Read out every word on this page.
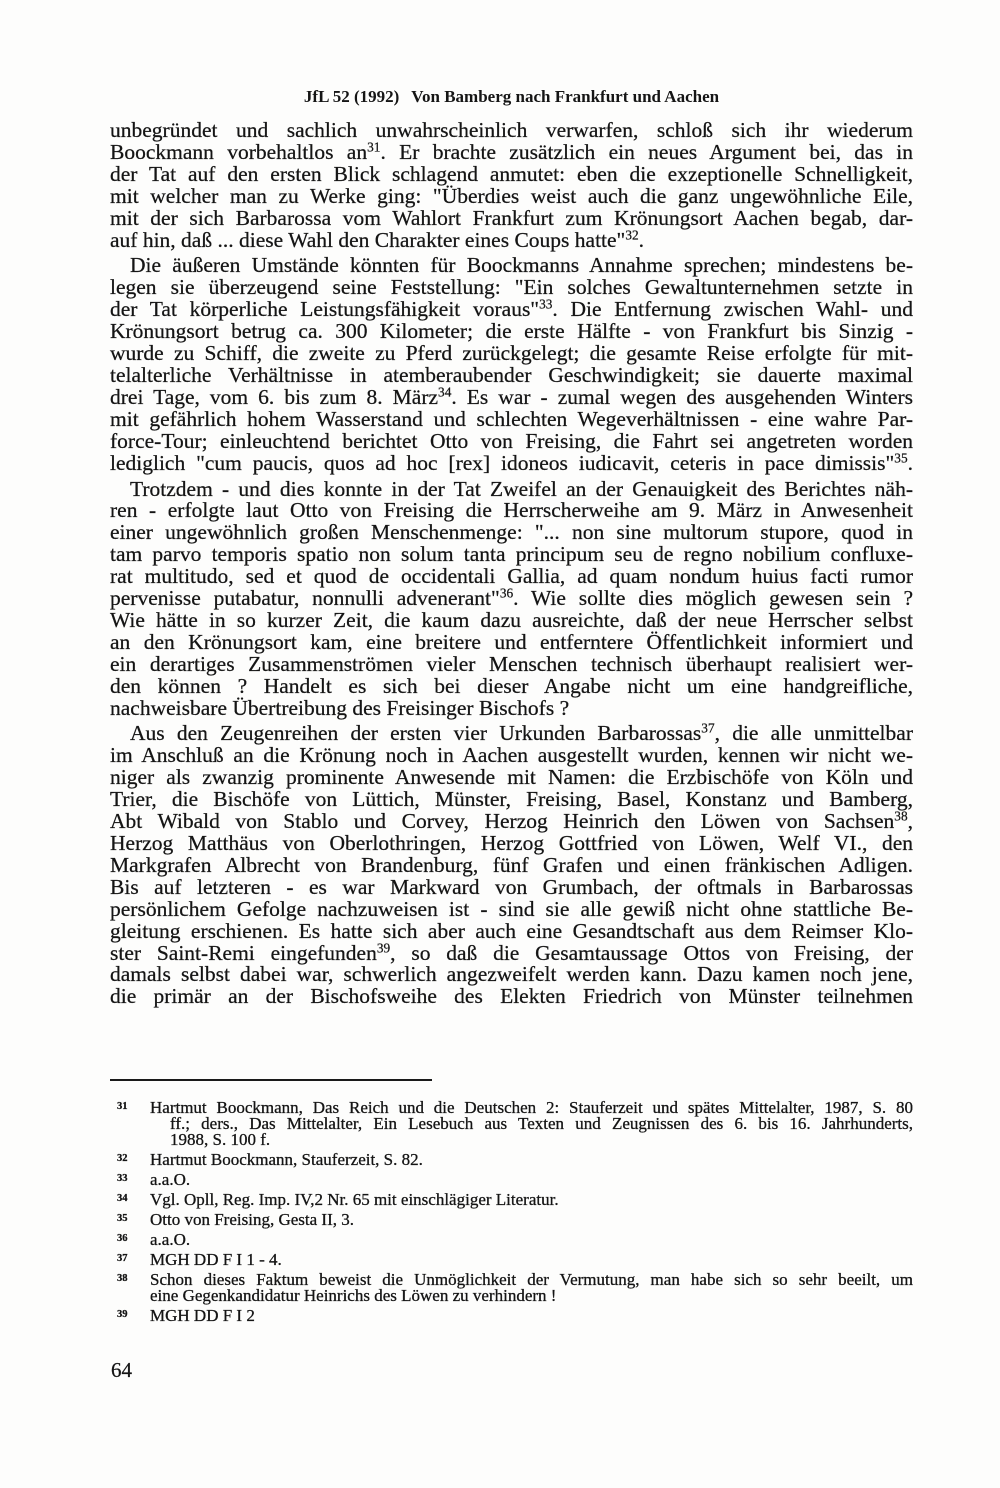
JfL 52 (1992) Von Bamberg nach Frankfurt und Aachen
unbegründet und sachlich unwahrscheinlich verwarfen, schloß sich ihr wiederum
Boockmann vorbehaltlos $an^{31}$. Er brachte zusätzlich ein neues Argument bei, das in
der Tat auf den ersten Blick schlagend anmutet: eben die exzeptionelle Schnelligkeit,
mit welcher man zu Werke ging: "Überdies weist auch die ganz ungewöhnliche Eile,
mit der sich Barbarossa vom Wahlort Frankfurt zum Krönungsort Aachen begab, dar-
auf hin, daß ... diese Wahl den Charakter eines Coups hatte"$^{32}$.
Die äußeren Umstände könnten für Boockmanns Annahme sprechen; mindestens be-
legen sie überzeugend seine Feststellung: "Ein solches Gewaltunternehmen setzte in
der Tat körperliche Leistungsfähigkeit voraus"$^{33}$. Die Entfernung zwischen Wahl- und
Krönungsort betrug ca. 300 Kilometer; die erste Hälfte - von Frankfurt bis Sinzig -
wurde zu Schiff, die zweite zu Pferd zurückgelegt; die gesamte Reise erfolgte für mit-
telalterliche Verhältnisse in atemberaubender Geschwindigkeit; sie dauerte maximal
drei Tage, vom 6. bis zum 8. März$^{34}$. Es war - zumal wegen des ausgehenden Winters
mit gefährlich hohem Wasserstand und schlechten Wegeverhältnissen - eine wahre Par-
force-Tour; einleuchtend berichtet Otto von Freising, die Fahrt sei angetreten worden
lediglich "cum paucis, quos ad hoc [rex] idoneos iudicavit, ceteris in pace dimissis"$^{35}$.
Trotzdem - und dies konnte in der Tat Zweifel an der Genauigkeit des Berichtes näh-
ren - erfolgte laut Otto von Freising die Herrscherweihe am 9. März in Anwesenheit
einer ungewöhnlich großen Menschenmenge: "... non sine multorum stupore, quod in
tam parvo temporis spatio non solum tanta principum seu de regno nobilium confluxe-
rat multitudo, sed et quod de occidentali Gallia, ad quam nondum huius facti rumor
pervenisse putabatur, nonnulli advenerant"$^{36}$. Wie sollte dies möglich gewesen sein ?
Wie hätte in so kurzer Zeit, die kaum dazu ausreichte, daß der neue Herrscher selbst
an den Krönungsort kam, eine breitere und entferntere Öffentlichkeit informiert und
ein derartiges Zusammenströmen vieler Menschen technisch überhaupt realisiert wer-
den können ? Handelt es sich bei dieser Angabe nicht um eine handgreifliche,
nachweisbare Übertreibung des Freisinger Bischofs ?
Aus den Zeugenreihen der ersten vier Urkunden Barbarossas$^{37}$, die alle unmittelbar
im Anschluß an die Krönung noch in Aachen ausgestellt wurden, kennen wir nicht we-
niger als zwanzig prominente Anwesende mit Namen: die Erzbischöfe von Köln und
Trier, die Bischöfe von Lüttich, Münster, Freising, Basel, Konstanz und Bamberg,
Abt Wibald von Stablo und Corvey, Herzog Heinrich den Löwen von Sachsen$^{38}$,
Herzog Matthäus von Oberlothringen, Herzog Gottfried von Löwen, Welf VI., den
Markgrafen Albrecht von Brandenburg, fünf Grafen und einen fränkischen Adligen.
Bis auf letzteren - es war Markward von Grumbach, der oftmals in Barbarossas
persönlichem Gefolge nachzuweisen ist - sind sie alle gewiß nicht ohne stattliche Be-
gleitung erschienen. Es hatte sich aber auch eine Gesandtschaft aus dem Reimser Klo-
ster Saint-Remi eingefunden$^{39}$, so daß die Gesamtaussage Ottos von Freising, der
damals selbst dabei war, schwerlich angezweifelt werden kann. Dazu kamen noch jene,
die primär an der Bischofsweihe des Elekten Friedrich von Münster teilnehmen
31 Hartmut Boockmann, Das Reich und die Deutschen 2: Stauferzeit und spätes Mittelalter, 1987, S. 80
ff.; ders., Das Mittelalter, Ein Lesebuch aus Texten und Zeugnissen des 6. bis 16. Jahrhunderts,
1988, S. 100 f.
32 Hartmut Boockmann, Stauferzeit, S. 82.
33 a.a.O.
34 Vgl. Opll, Reg. Imp. IV,2 Nr. 65 mit einschlägiger Literatur.
35 Otto von Freising, Gesta II, 3.
36 a.a.O.
37 MGH DD F I 1 - 4.
38 Schon dieses Faktum beweist die Unmöglichkeit der Vermutung, man habe sich so sehr beeilt, um
eine Gegenkandidatur Heinrichs des Löwen zu verhindern !
39 MGH DD F I 2
64
